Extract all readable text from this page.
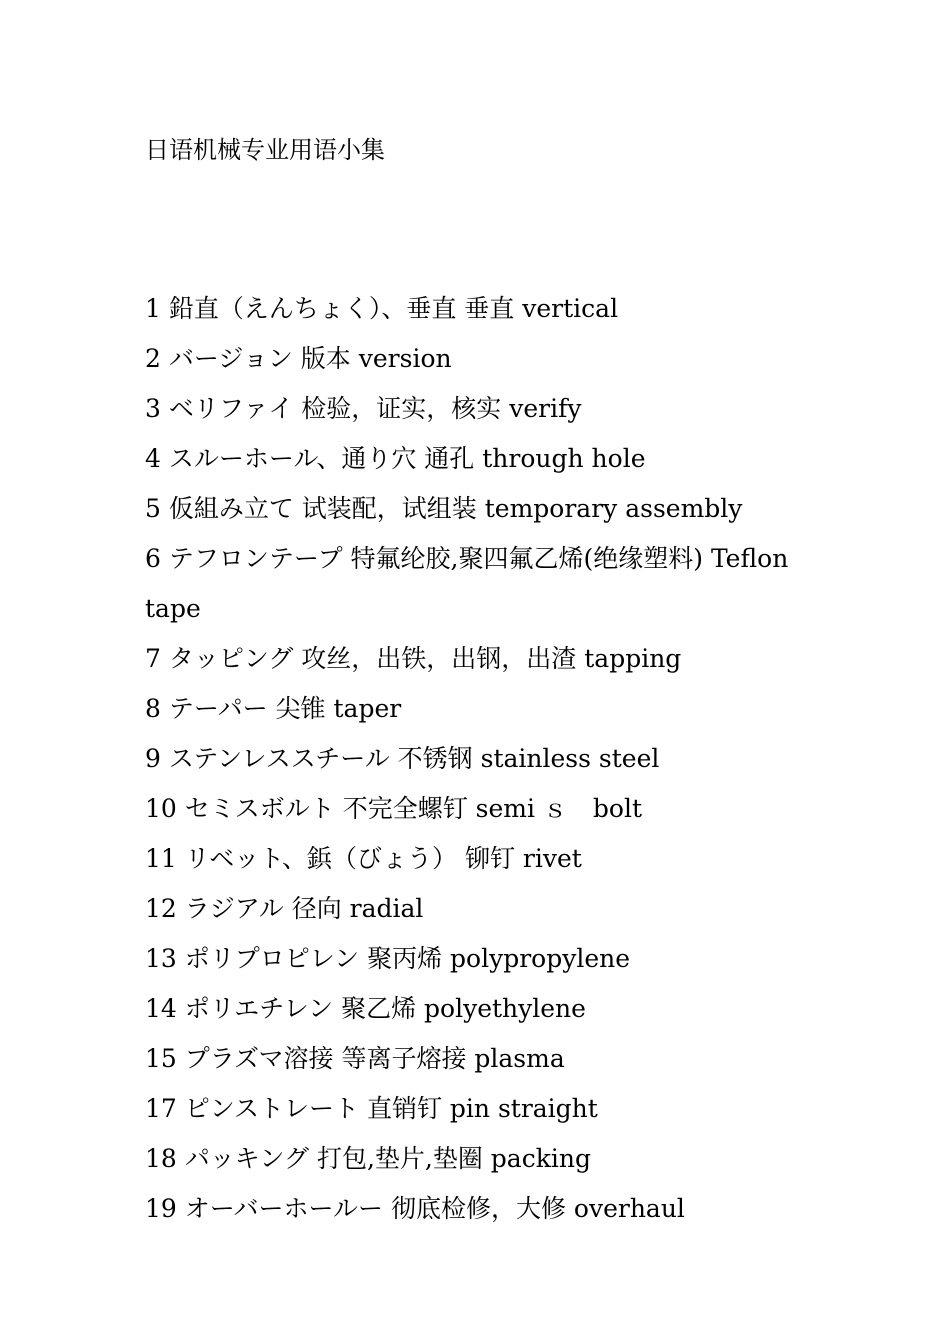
日语机械专业用语小集
1 鉛直（えんちょく）、垂直 垂直 vertical
2 バージョン 版本 version
3 ベリファイ 检验，证实，核实 verify
4 スルーホール、通り穴 通孔 through hole
5 仮組み立て 试装配，试组装 temporary assembly
6 テフロンテープ 特氟纶胶,聚四氟乙烯(绝缘塑料) Teflon tape
7 タッピング 攻丝，出铁，出钢，出渣 tapping
8 テーパー 尖锥 taper
9 ステンレススチール 不锈钢 stainless steel
10 セミスボルト 不完全螺钉 semi ｓ　bolt
11 リベット、鋲（びょう） 铆钉 rivet
12 ラジアル 径向 radial
13 ポリプロピレン 聚丙烯 polypropylene
14 ポリエチレン 聚乙烯 polyethylene
15 プラズマ溶接 等离子熔接 plasma
17 ピンストレート 直销钉 pin straight
18 パッキング 打包,垫片,垫圈 packing
19 オーバーホールー 彻底检修，大修 overhaul
